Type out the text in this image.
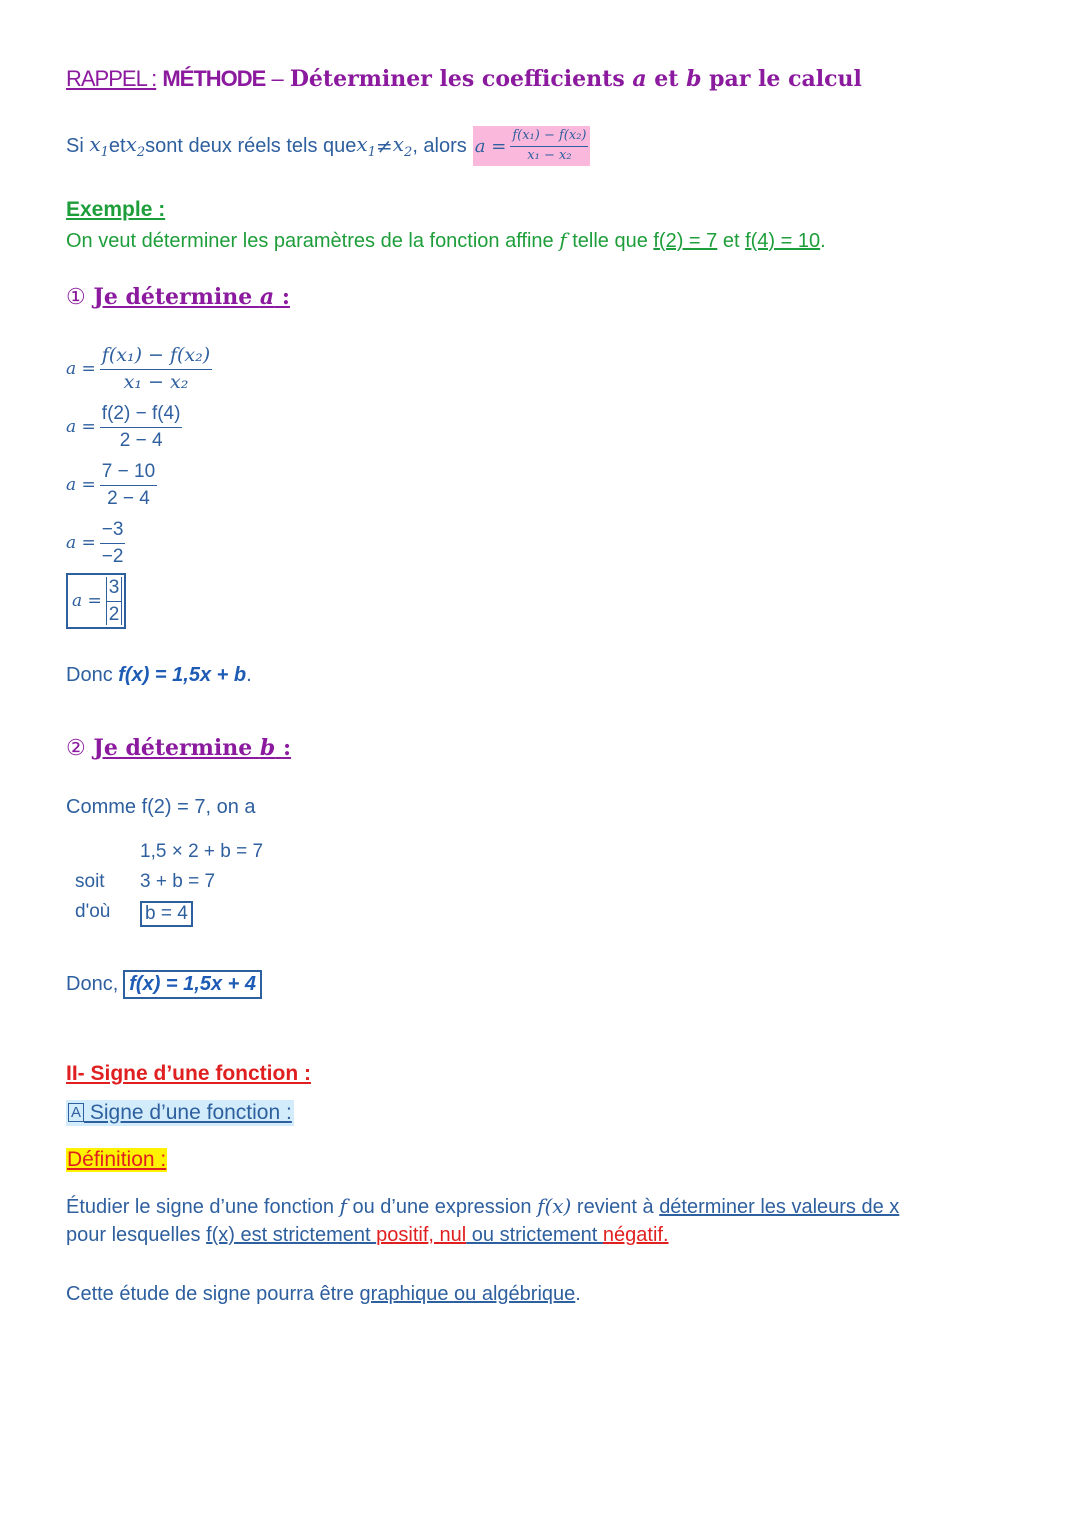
RAPPEL : MÉTHODE – Déterminer les coefficients a et b par le calcul
Si
$x_1$ et $x_2$ sont deux réels tels que $x_1 \ne x_2$ , alors $a = \frac{\text{f(x₁) − f(x₂)}}{\text{x₁ − x₂}}$
Exemple :
On veut déterminer les paramètres de la fonction affine f telle que f(2) = 7 et f(4) = 10.
① Je détermine a :
$a = \frac{\text{f(x₁) − f(x₂)}}{\text{x₁ − x₂}}$
$a = \frac{f(2) - f(4)}{2 - 4}$
$a = \frac{7 - 10}{2 - 4}$
$a = \frac{-3}{-2}$
$a = \frac{3}{2}$
Donc f(x) = 1,5x + b.
② Je détermine b :
Comme f(2) = 7, on a
1,5 × 2 + b = 7
soit 3 + b = 7
d'où b = 4
Donc, f(x) = 1,5x + 4
II- Signe d’une fonction :
A Signe d’une fonction :
Définition :
Étudier le signe d’une fonction f ou d’une expression f(x) revient à déterminer les valeurs de x
pour lesquelles f(x) est strictement positif, nul ou strictement négatif.
Cette étude de signe pourra être graphique ou algébrique.
